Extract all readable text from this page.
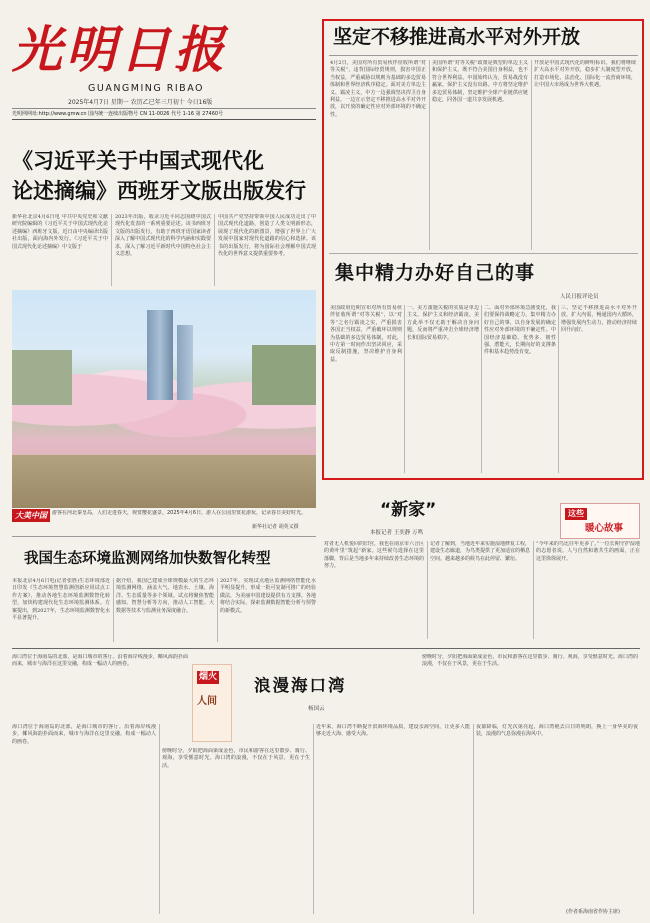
光明日报
GUANGMING RIBAO
2025年4月7日 星期一 农历乙巳年三月初十 今日16版
光明网网址:http://www.gmw.cn 国内统一连续出版物号 CN 11-0026 代号 1-16 第 27460号
坚定不移推进高水平对外开放
4月2日，美国对所有贸易伙伴征收所谓“对等关税”，违背国际经贸规则，损害中国正当权益，严重威胁以规则为基础的多边贸易体制和世界经济秩序稳定。面对美方单边主义、霸凌主义，中方一边强调坚决捍卫自身利益，一边宣示坚定不移推进高水平对外开放，以开放的确定性应对外部环境的不确定性。
美国所谓“对等关税”政策是典型的单边主义和保护主义，既不符合美国自身利益，也不符合世界利益。中国始终认为，贸易战没有赢家，保护主义没有出路。中方将坚定维护多边贸易体制，坚定维护全球产业链供应链稳定，同各国一道共享发展机遇。
开放是中国式现代化的鲜明标识。我们将继续扩大高水平对外开放，稳步扩大制度型开放，打造市场化、法治化、国际化一流营商环境，让中国大市场成为世界大机遇。
集中精力办好自己的事
人民日报评论员
美国政府近期宣布对所有贸易伙伴征收所谓“对等关税”，以“对等”之名行霸凌之实，严重损害各国正当权益，严重破坏以规则为基础的多边贸易体制。对此，中方第一时间作出坚决回应，采取反制措施，坚决维护自身利益。
一、美方滥施关税的实质是单边主义、保护主义和经济霸凌。美方此举不仅无助于解决自身问题，反而将严重冲击全球经济增长和国际贸易秩序。
二、面对外部环境急剧变化，我们要保持战略定力，集中精力办好自己的事，以自身发展的确定性应对外部环境的不确定性。中国经济基础稳、优势多、韧性强、潜能大，长期向好的支撑条件和基本趋势没有变。
三、坚定不移推进高水平对外开放，扩大内需，畅通国内大循环，增强发展内生动力，推动经济持续回升向好。
《习近平关于中国式现代化
论述摘编》西班牙文版出版发行
新华社北京4月6日电 中共中央党史和文献研究院编辑的《习近平关于中国式现代化论述摘编》西班牙文版，近日由中央编译出版社出版，面向海内外发行。《习近平关于中国式现代化论述摘编》中文版于
2023年出版，收录习近平同志围绕中国式现代化发表的一系列重要论述。该书西班牙文版的出版发行，有助于西班牙语国家读者深入了解中国式现代化的科学内涵和实践要求，深入了解习近平新时代中国特色社会主义思想。
中国共产党坚持带领中国人民成功走出了中国式现代化道路，创造了人类文明新形态，展现了现代化的新图景，增强了世界上广大发展中国家对现代化道路的信心和选择。该书的出版发行，将为国际社会理解中国式现代化的世界意义提供重要参考。
大美中国	游客在河北秦皇岛，人们走进春天，观赏樱花盛景。2025年4月6日，游人在公园里赏花游玩，记录春日美好时光。
新华社记者 胡英义摄
我国生态环境监测网络加快数智化转型
本报北京4月6日电(记者张胜)生态环境部近日印发《生态环境智慧监测创新应用试点工作方案》，推动各地生态环境监测数智化转型，加快构建现代化生态环境监测体系。方案提出，到2027年，生态环境监测数智化水平显著提升。
据介绍，我国已建成全球规模最大的生态环境监测网络，涵盖大气、地表水、土壤、海洋、生态质量等多个领域。试点将聚焦智能感知、智慧分析等方向，推动人工智能、大数据等技术与监测业务深度融合。
2027年，实现试点地区监测网络智能化水平明显提升，形成一批可复制可推广的经验做法，为美丽中国建设提供有力支撑。各地将结合实际，探索监测数据智能分析与预警的新模式。
这些
暖心故事
“新家”
本报记者 王奕静 万鸣
对者无人机悦回的旧宫，我也在南京市六合区的黄叶里“筑起”新家。这些候鸟选择在这里落脚，背后是当地多年来持续改善生态环境的努力。
记者了解到，当地近年来实施湿地修复工程，建设生态廊道，为鸟类提供了更加适宜的栖息空间。越来越多的候鸟在此停留、繁衍。
“今年来的鸟比往年更多了。”一位长期守护湿地的志愿者说。人与自然和谐共生的画面，正在这里徐徐展开。
海口湾位于海南岛的北部，是海口城市的客厅。沿着海岸线漫步，椰风海韵扑面而来，城市与海洋在这里交融，构成一幅动人的画卷。
烟火
人间
浪漫海口湾
杨国云
傍晚时分，夕阳把海面染成金色，市民和游客在这里散步、骑行、观海，享受惬意时光。海口湾的浪漫，不仅在于风景，更在于生活。
海口湾位于海南岛的北部，是海口城市的客厅。沿着海岸线漫步，椰风海韵扑面而来，城市与海洋在这里交融，构成一幅动人的画卷。
傍晚时分，夕阳把海面染成金色，市民和游客在这里散步、骑行、观海，享受惬意时光。海口湾的浪漫，不仅在于风景，更在于生活。
近年来，海口湾不断提升滨海环境品质，建设亲海空间，让更多人能够走近大海、感受大海。
夜幕降临，灯光次第亮起，海口湾褪去白日的明朗，换上一身华美的夜装，浪漫的气息弥漫在海风中。
(作者系海南省作协主席)
